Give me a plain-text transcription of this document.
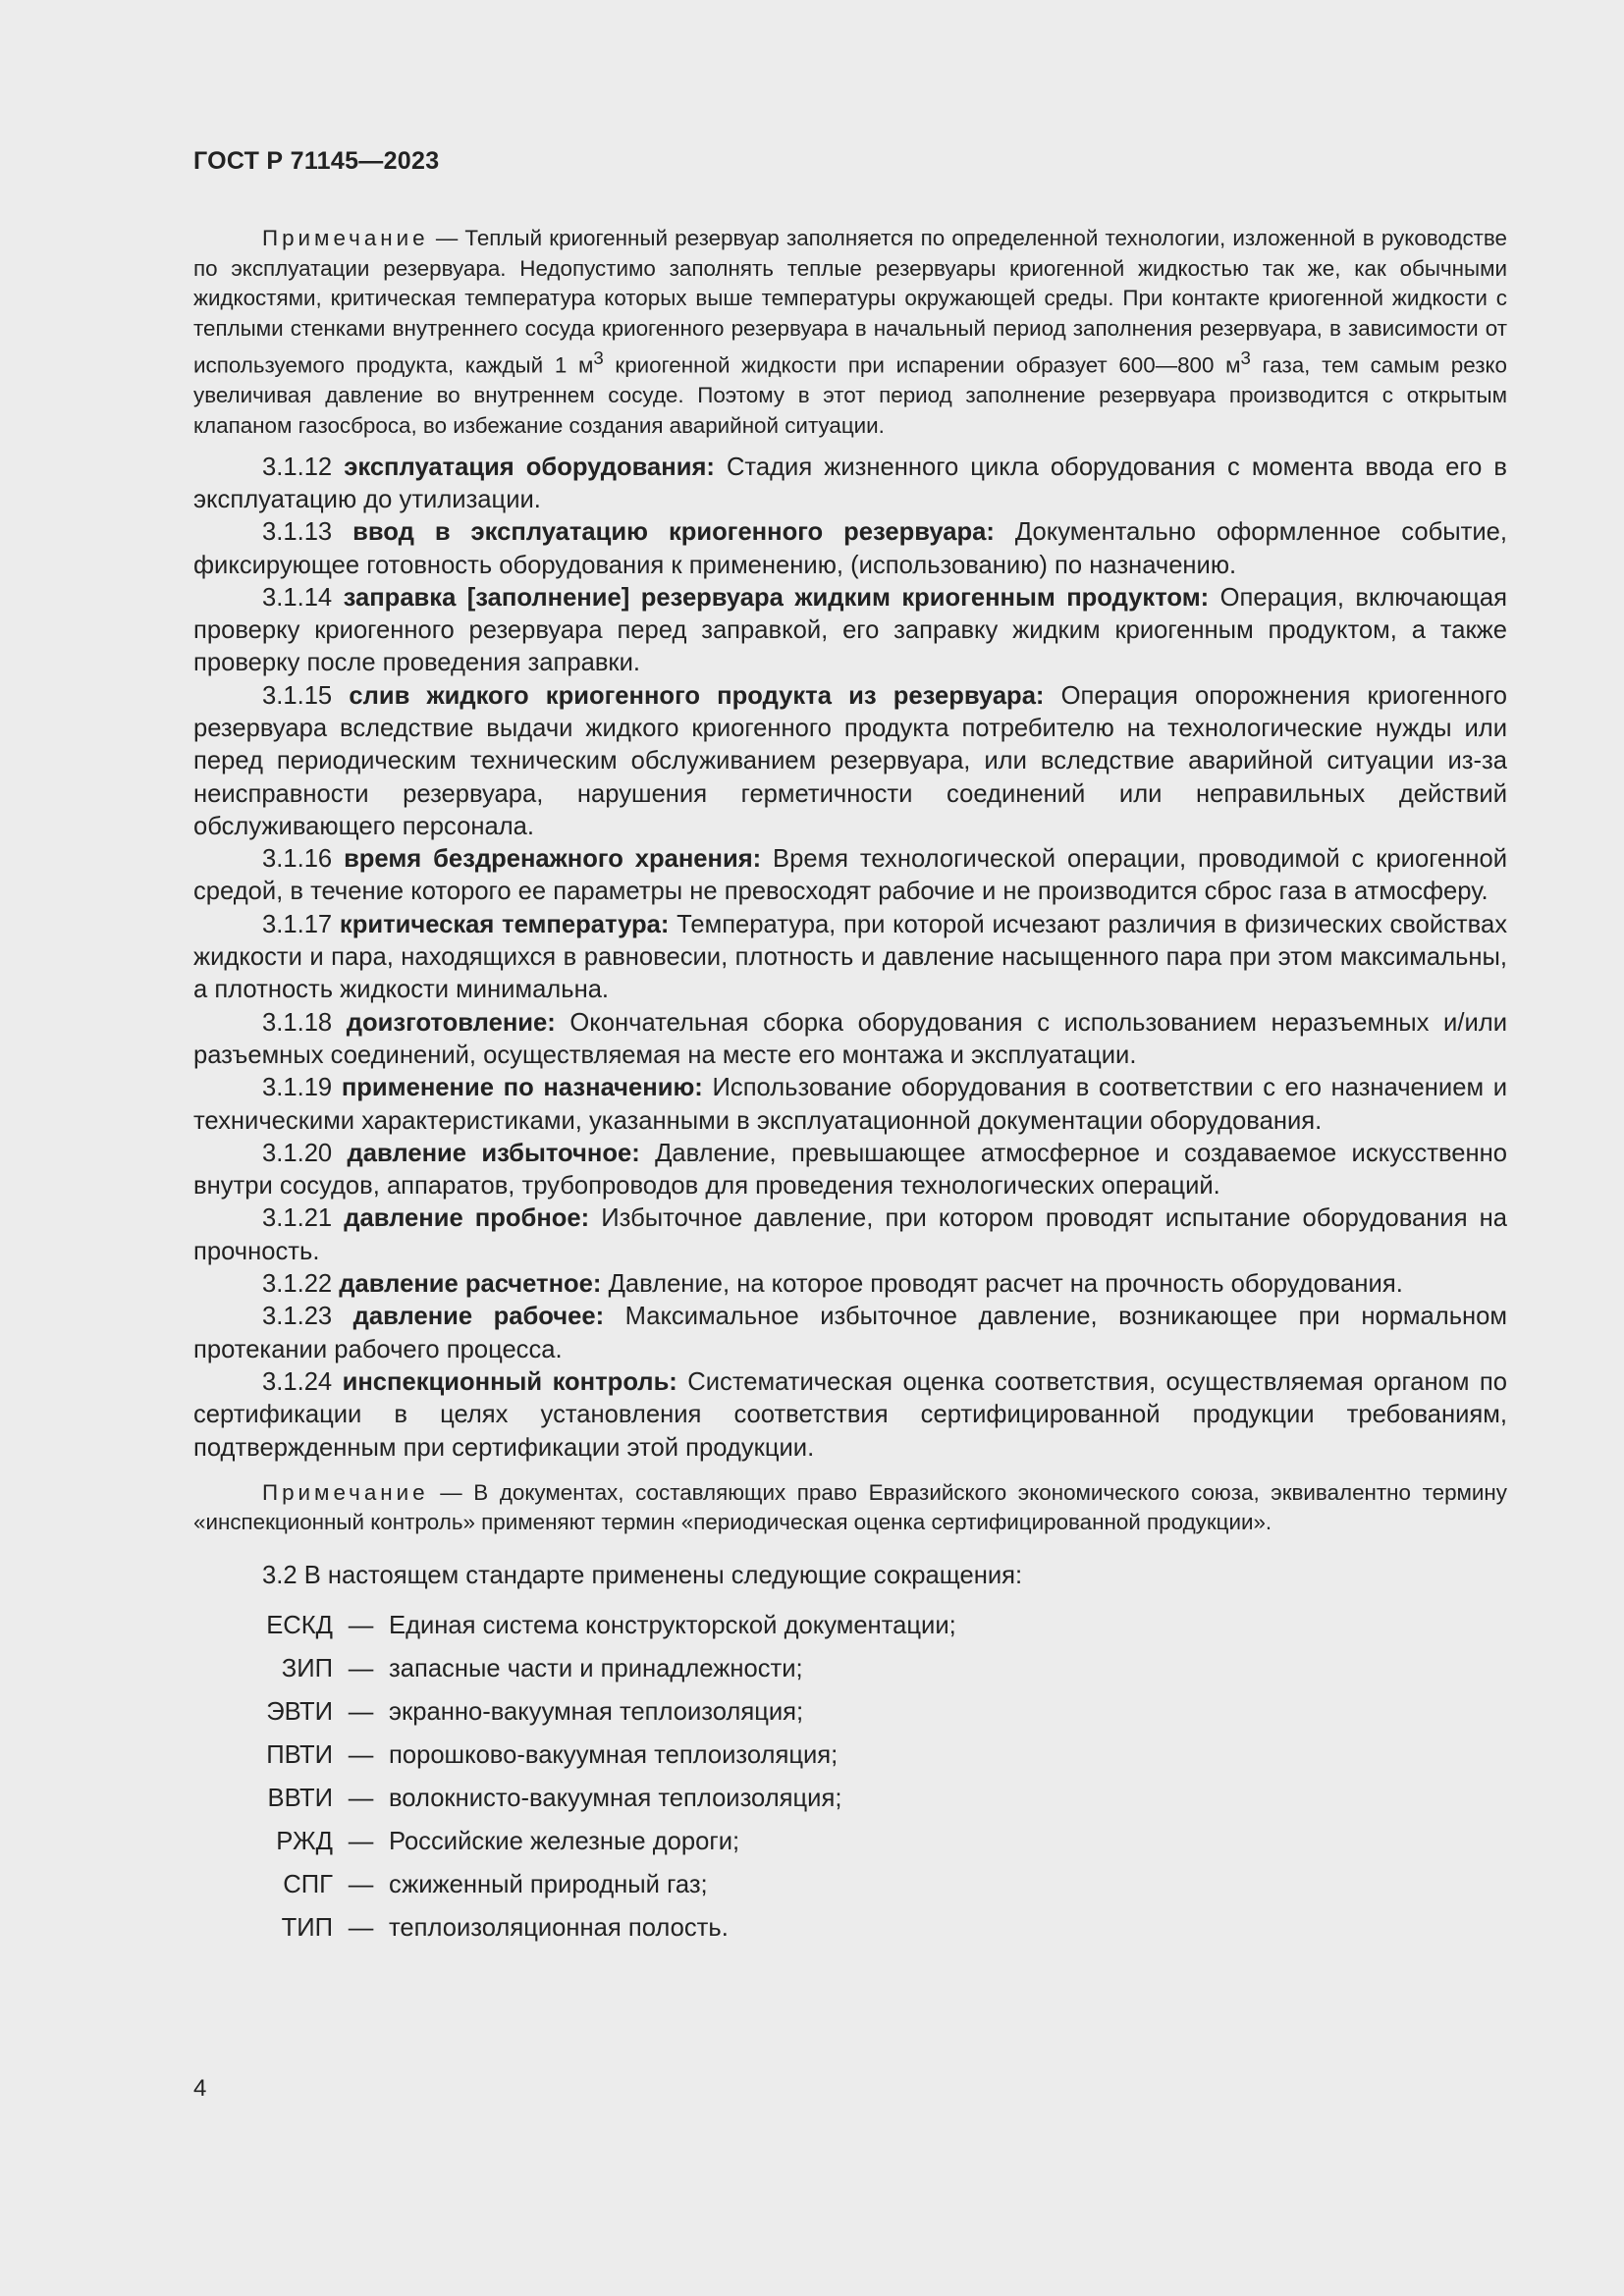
ГОСТ Р 71145—2023

Примечание — Теплый криогенный резервуар заполняется по определенной технологии, изложенной в руководстве по эксплуатации резервуара. Недопустимо заполнять теплые резервуары криогенной жидкостью так же, как обычными жидкостями, критическая температура которых выше температуры окружающей среды. При контакте криогенной жидкости с теплыми стенками внутреннего сосуда криогенного резервуара в начальный период заполнения резервуара, в зависимости от используемого продукта, каждый 1 $м^3$ криогенной жидкости при испарении образует 600—800 $м^3$ газа, тем самым резко увеличивая давление во внутреннем сосуде. Поэтому в этот период заполнение резервуара производится с открытым клапаном газосброса, во избежание создания аварийной ситуации.

3.1.12 эксплуатация оборудования: Стадия жизненного цикла оборудования с момента ввода его в эксплуатацию до утилизации.

3.1.13 ввод в эксплуатацию криогенного резервуара: Документально оформленное событие, фиксирующее готовность оборудования к применению, (использованию) по назначению.

3.1.14 заправка [заполнение] резервуара жидким криогенным продуктом: Операция, включающая проверку криогенного резервуара перед заправкой, его заправку жидким криогенным продуктом, а также проверку после проведения заправки.

3.1.15 слив жидкого криогенного продукта из резервуара: Операция опорожнения криогенного резервуара вследствие выдачи жидкого криогенного продукта потребителю на технологические нужды или перед периодическим техническим обслуживанием резервуара, или вследствие аварийной ситуации из-за неисправности резервуара, нарушения герметичности соединений или неправильных действий обслуживающего персонала.

3.1.16 время бездренажного хранения: Время технологической операции, проводимой с криогенной средой, в течение которого ее параметры не превосходят рабочие и не производится сброс газа в атмосферу.

3.1.17 критическая температура: Температура, при которой исчезают различия в физических свойствах жидкости и пара, находящихся в равновесии, плотность и давление насыщенного пара при этом максимальны, а плотность жидкости минимальна.

3.1.18 доизготовление: Окончательная сборка оборудования с использованием неразъемных и/или разъемных соединений, осуществляемая на месте его монтажа и эксплуатации.

3.1.19 применение по назначению: Использование оборудования в соответствии с его назначением и техническими характеристиками, указанными в эксплуатационной документации оборудования.

3.1.20 давление избыточное: Давление, превышающее атмосферное и создаваемое искусственно внутри сосудов, аппаратов, трубопроводов для проведения технологических операций.

3.1.21 давление пробное: Избыточное давление, при котором проводят испытание оборудования на прочность.

3.1.22 давление расчетное: Давление, на которое проводят расчет на прочность оборудования.

3.1.23 давление рабочее: Максимальное избыточное давление, возникающее при нормальном протекании рабочего процесса.

3.1.24 инспекционный контроль: Систематическая оценка соответствия, осуществляемая органом по сертификации в целях установления соответствия сертифицированной продукции требованиям, подтвержденным при сертификации этой продукции.

Примечание — В документах, составляющих право Евразийского экономического союза, эквивалентно термину «инспекционный контроль» применяют термин «периодическая оценка сертифицированной продукции».

3.2 В настоящем стандарте применены следующие сокращения:

ЕСКД — Единая система конструкторской документации;
ЗИП — запасные части и принадлежности;
ЭВТИ — экранно-вакуумная теплоизоляция;
ПВТИ — порошково-вакуумная теплоизоляция;
ВВТИ — волокнисто-вакуумная теплоизоляция;
РЖД — Российские железные дороги;
СПГ — сжиженный природный газ;
ТИП — теплоизоляционная полость.
4
